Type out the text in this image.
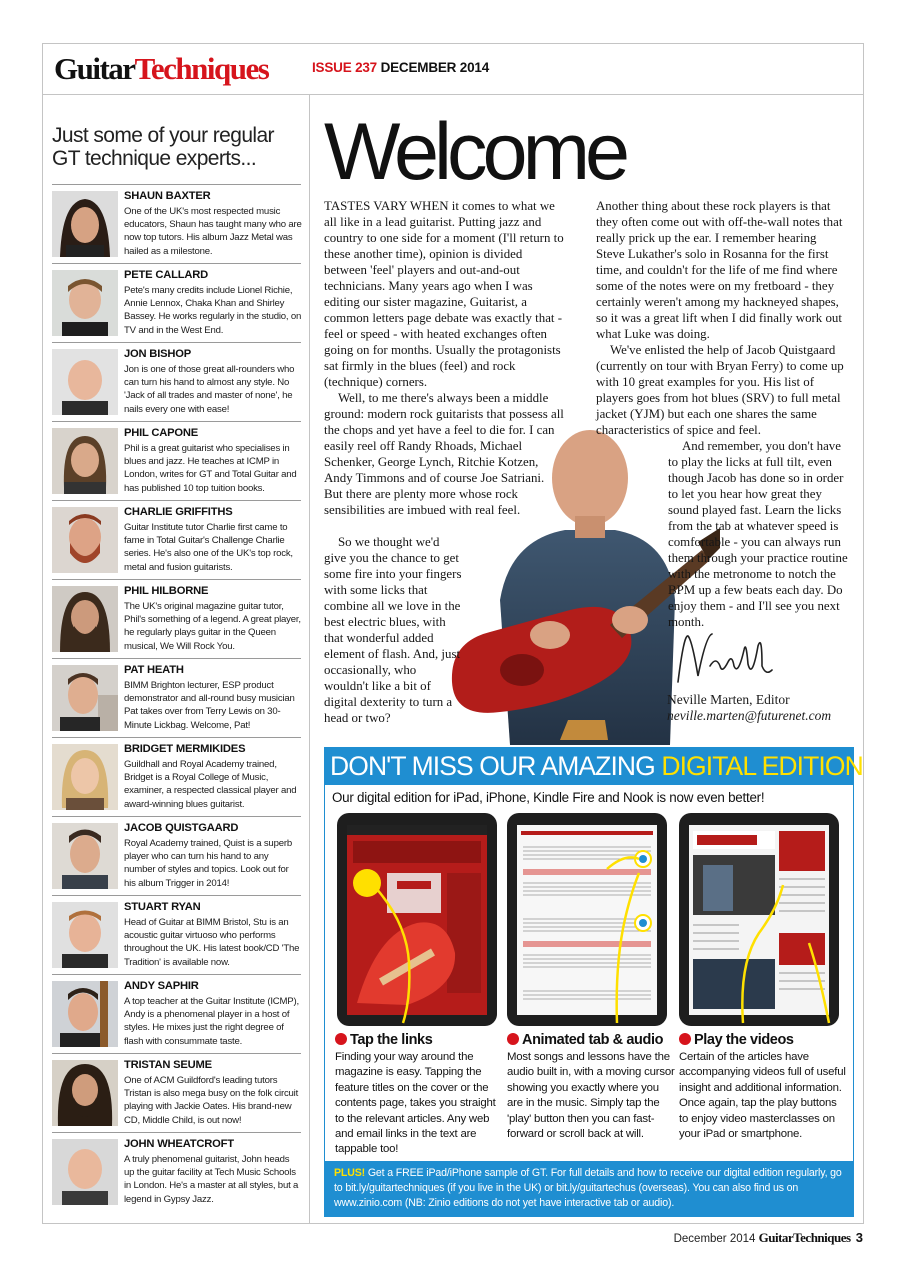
GuitarTechniques	ISSUE 237 DECEMBER 2014
Just some of your regular GT technique experts...
SHAUN BAXTER
One of the UK's most respected music educators, Shaun has taught many who are now top tutors. His album Jazz Metal was hailed as a milestone.
PETE CALLARD
Pete's many credits include Lionel Richie, Annie Lennox, Chaka Khan and Shirley Bassey. He works regularly in the studio, on TV and in the West End.
JON BISHOP
Jon is one of those great all-rounders who can turn his hand to almost any style. No 'Jack of all trades and master of none', he nails every one with ease!
PHIL CAPONE
Phil is a great guitarist who specialises in blues and jazz. He teaches at ICMP in London, writes for GT and Total Guitar and has published 10 top tuition books.
CHARLIE GRIFFITHS
Guitar Institute tutor Charlie first came to fame in Total Guitar's Challenge Charlie series. He's also one of the UK's top rock, metal and fusion guitarists.
PHIL HILBORNE
The UK's original magazine guitar tutor, Phil's something of a legend. A great player, he regularly plays guitar in the Queen musical, We Will Rock You.
PAT HEATH
BIMM Brighton lecturer, ESP product demonstrator and all-round busy musician Pat takes over from Terry Lewis on 30-Minute Lickbag. Welcome, Pat!
BRIDGET MERMIKIDES
Guildhall and Royal Academy trained, Bridget is a Royal College of Music, examiner, a respected classical player and award-winning blues guitarist.
JACOB QUISTGAARD
Royal Academy trained, Quist is a superb player who can turn his hand to any number of styles and topics. Look out for his album Trigger in 2014!
STUART RYAN
Head of Guitar at BIMM Bristol, Stu is an acoustic guitar virtuoso who performs throughout the UK. His latest book/CD 'The Tradition' is available now.
ANDY SAPHIR
A top teacher at the Guitar Institute (ICMP), Andy is a phenomenal player in a host of styles. He mixes just the right degree of flash with consummate taste.
TRISTAN SEUME
One of ACM Guildford's leading tutors Tristan is also mega busy on the folk circuit playing with Jackie Oates. His brand-new CD, Middle Child, is out now!
JOHN WHEATCROFT
A truly phenomenal guitarist, John heads up the guitar facility at Tech Music Schools in London. He's a master at all styles, but a legend in Gypsy Jazz.
Welcome

TASTES VARY WHEN it comes to what we all like in a lead guitarist. Putting jazz and country to one side for a moment (I'll return to these another time), opinion is divided between 'feel' players and out-and-out technicians. Many years ago when I was editing our sister magazine, Guitarist, a common letters page debate was exactly that - feel or speed - with heated exchanges often going on for months. Usually the protagonists sat firmly in the blues (feel) and rock (technique) corners.

Well, to me there's always been a middle ground: modern rock guitarists that possess all the chops and yet have a feel to die for. I can easily reel off Randy Rhoads, Michael Schenker, George Lynch, Ritchie Kotzen, Andy Timmons and of course Joe Satriani. But there are plenty more whose rock sensibilities are imbued with real feel.

So we thought we'd give you the chance to get some fire into your fingers with some licks that combine all we love in the best electric blues, with that wonderful added element of flash. And, just occasionally, who wouldn't like a bit of digital dexterity to turn a head or two?

Another thing about these rock players is that they often come out with off-the-wall notes that really prick up the ear. I remember hearing Steve Lukather's solo in Rosanna for the first time, and couldn't for the life of me find where some of the notes were on my fretboard - they certainly weren't among my hackneyed shapes, so it was a great lift when I did finally work out what Luke was doing.

We've enlisted the help of Jacob Quistgaard (currently on tour with Bryan Ferry) to come up with 10 great examples for you. His list of players goes from hot blues (SRV) to full metal jacket (YJM) but each one shares the same characteristics of spice and feel.

And remember, you don't have to play the licks at full tilt, even though Jacob has done so in order to let you hear how great they sound played fast. Learn the licks from the tab at whatever speed is comfortable - you can always run them through your practice routine with the metronome to notch the BPM up a few beats each day. Do enjoy them - and I'll see you next month.

Neville Marten, Editor
neville.marten@futurenet.com
DON'T MISS OUR AMAZING DIGITAL EDITION
Our digital edition for iPad, iPhone, Kindle Fire and Nook is now even better!
Tap the links
Finding your way around the magazine is easy. Tapping the feature titles on the cover or the contents page, takes you straight to the relevant articles. Any web and email links in the text are tappable too!
Animated tab & audio
Most songs and lessons have the audio built in, with a moving cursor showing you exactly where you are in the music. Simply tap the 'play' button then you can fast-forward or scroll back at will.
Play the videos
Certain of the articles have accompanying videos full of useful insight and additional information. Once again, tap the play buttons to enjoy video masterclasses on your iPad or smartphone.
PLUS! Get a FREE iPad/iPhone sample of GT. For full details and how to receive our digital edition regularly, go to bit.ly/guitartechniques (if you live in the UK) or bit.ly/guitartechus (overseas). You can also find us on www.zinio.com (NB: Zinio editions do not yet have interactive tab or audio).
December 2014 GuitarTechniques 3
